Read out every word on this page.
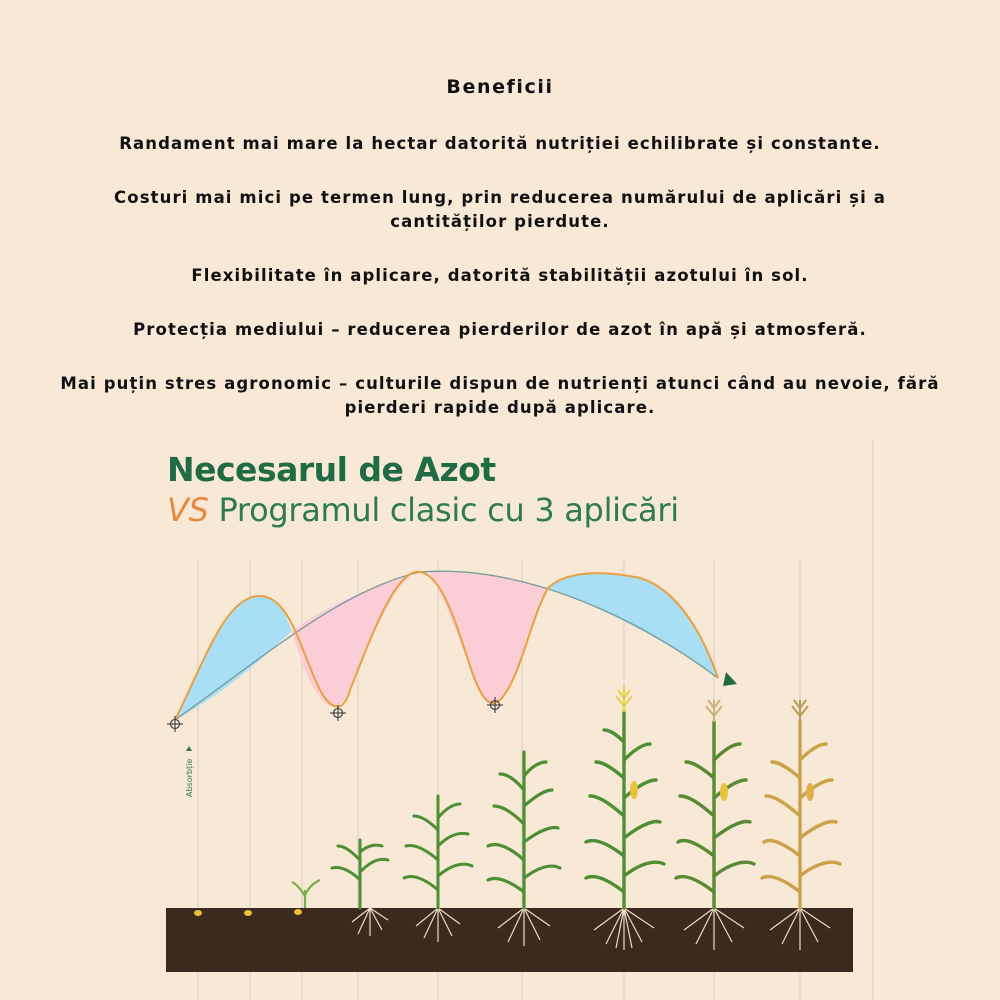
Beneficii
Randament mai mare la hectar datorită nutriției echilibrate și constante.
Costuri mai mici pe termen lung, prin reducerea numărului de aplicări și a cantităților pierdute.
Flexibilitate în aplicare, datorită stabilității azotului în sol.
Protecția mediului – reducerea pierderilor de azot în apă și atmosferă.
Mai puțin stres agronomic – culturile dispun de nutrienți atunci când au nevoie, fără pierderi rapide după aplicare.
Absorbție
Necesarul de Azot
VS Programul clasic cu 3 aplicări
